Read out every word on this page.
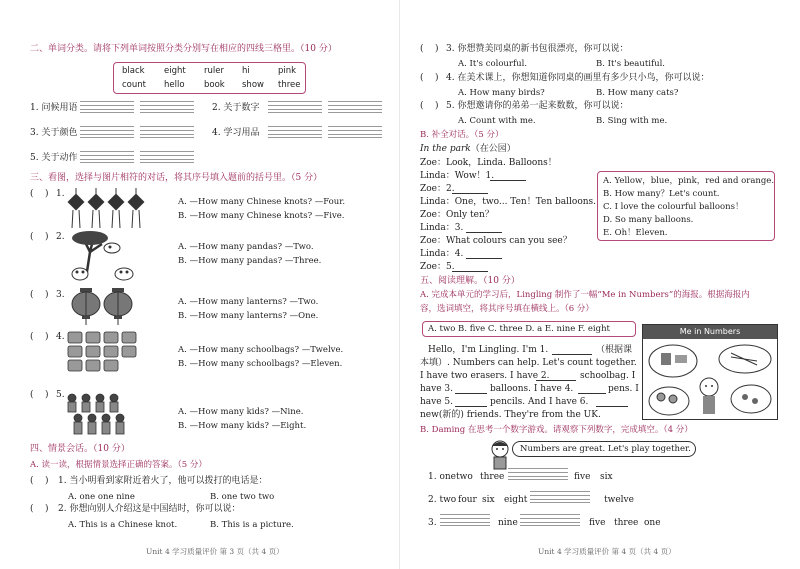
二、单词分类。请将下列单词按照分类分别写在相应的四线三格里。（10 分）
black eight ruler hi	pink
count hello book show three
1. 问候用语	2. 关于数字
3. 关于颜色	4. 学习用品
5. 关于动作
三、看图，选择与图片相符的对话，将其序号填入题前的括号里。（5 分）
(    ) 1.
A. —How many Chinese knots? —Four.
B. —How many Chinese knots? —Five.
(    ) 2.
A. —How many pandas? —Two.
B. —How many pandas? —Three.
(    ) 3.
A. —How many lanterns? —Two.
B. —How many lanterns? —One.
(    ) 4.
A. —How many schoolbags? —Twelve.
B. —How many schoolbags? —Eleven.
(    ) 5.
A. —How many kids? —Nine.
B. —How many kids? —Eight.
四、情景会话。（10 分）
A. 读一读，根据情景选择正确的答案。（5 分）
(    ) 1. 当小明看到家附近着火了，他可以拨打的电话是：
A. one one nine	B. one two two
(    ) 2. 你想向别人介绍这是中国结时，你可以说：
A. This is a Chinese knot.	B. This is a picture.
Unit 4 学习质量评价 第 3 页（共 4 页）
(    ) 3. 你想赞美同桌的新书包很漂亮，你可以说：
A. It's colourful.	B. It's beautiful.
(    ) 4. 在美术课上，你想知道你同桌的画里有多少只小鸟，你可以说：
A. How many birds?	B. How many cats?
(    ) 5. 你想邀请你的弟弟一起来数数，你可以说：
A. Count with me.	B. Sing with me.
B. 补全对话。（5 分）
In the park（在公园）
Zoe：Look，Linda. Balloons！
Linda：Wow！1.
Zoe：2.
Linda：One，two... Ten！Ten balloons.
Zoe：Only ten？
Linda：3.
Zoe：What colours can you see？
Linda：4.
Zoe：5.
A. Yellow，blue，pink，red and orange.
B. How many？Let's count.
C. I love the colourful balloons！
D. So many balloons.
E. Oh！Eleven.
五、阅读理解。（10 分）
A. 完成本单元的学习后，Lingling 制作了一幅“Me in Numbers”的海报。根据海报内
容，选词填空，将其序号填在横线上。（6 分）
A. two B. five C. three D. a E. nine F. eight
Hello，I'm Lingling. I'm 1.	（根据课
本填）. Numbers can help. Let's count together.
I have two erasers. I have 2.	schoolbag. I
have 3.	balloons. I have 4.	pens. I
have 5.	pencils. And I have 6.
new(新的) friends. They're from the UK.
Me in Numbers
B. Daming 在思考一个数字游戏。请观察下列数字，完成填空。（4 分）
Numbers are great. Let's play together.
1. one two three	five six
2. two four six eight	twelve
3.	nine	five three one
Unit 4 学习质量评价 第 4 页（共 4 页）
